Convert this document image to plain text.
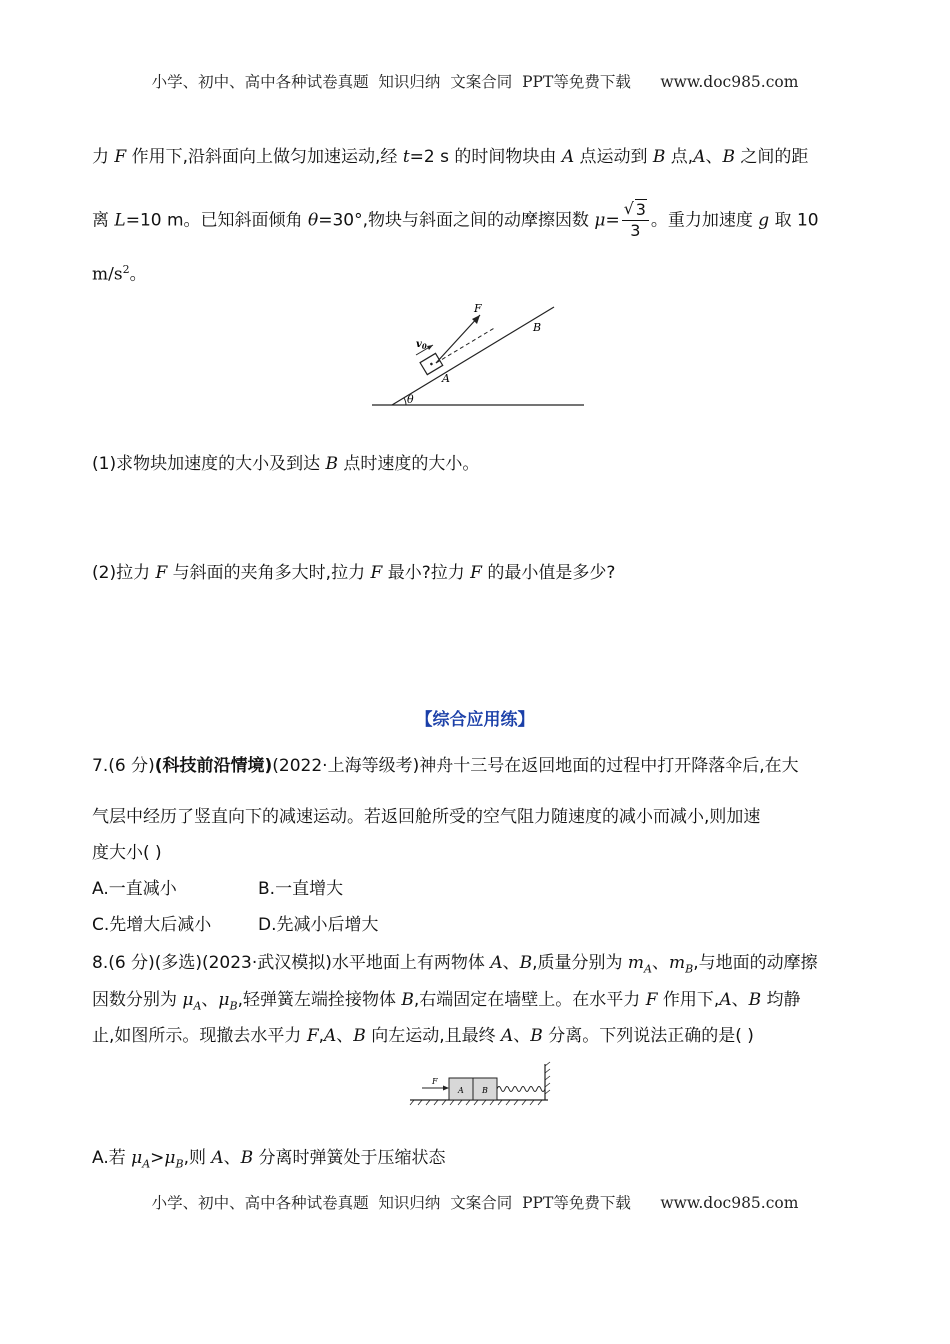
小学、初中、高中各种试卷真题  知识归纳  文案合同  PPT等免费下载      www.doc985.com
力 F 作用下,沿斜面向上做匀加速运动,经 t=2 s 的时间物块由 A 点运动到 B 点,A、B 之间的距
离 L=10 m。已知斜面倾角 θ=30°,物块与斜面之间的动摩擦因数 μ=
√ $\frac{3}{3}$ 。重力加速度 g 取 10
$m/s^2$。
θ
F
B
A
$v_0$
(1)求物块加速度的大小及到达 B 点时速度的大小。
(2)拉力 F 与斜面的夹角多大时,拉力 F 最小?拉力 F 的最小值是多少?
【综合应用练】
7.(6 分)(科技前沿情境)(2022·上海等级考)神舟十三号在返回地面的过程中打开降落伞后,在大
气层中经历了竖直向下的减速运动。若返回舱所受的空气阻力随速度的减小而减小,则加速
度大小( )
A.一直减小	B.一直增大
C.先增大后减小	D.先减小后增大
8.(6 分)(多选)(2023·武汉模拟)水平地面上有两物体 A、B,质量分别为 $m_A$、$m_B$,与地面的动摩擦
因数分别为 $\mu_A$、$\mu_B$,轻弹簧左端拴接物体 B,右端固定在墙壁上。在水平力 F 作用下,A、B 均静
止,如图所示。现撤去水平力 F,A、B 向左运动,且最终 A、B 分离。下列说法正确的是( )
A B
F
A.若 $\mu_A>\mu_B$,则 A、B 分离时弹簧处于压缩状态
小学、初中、高中各种试卷真题  知识归纳  文案合同  PPT等免费下载      www.doc985.com
